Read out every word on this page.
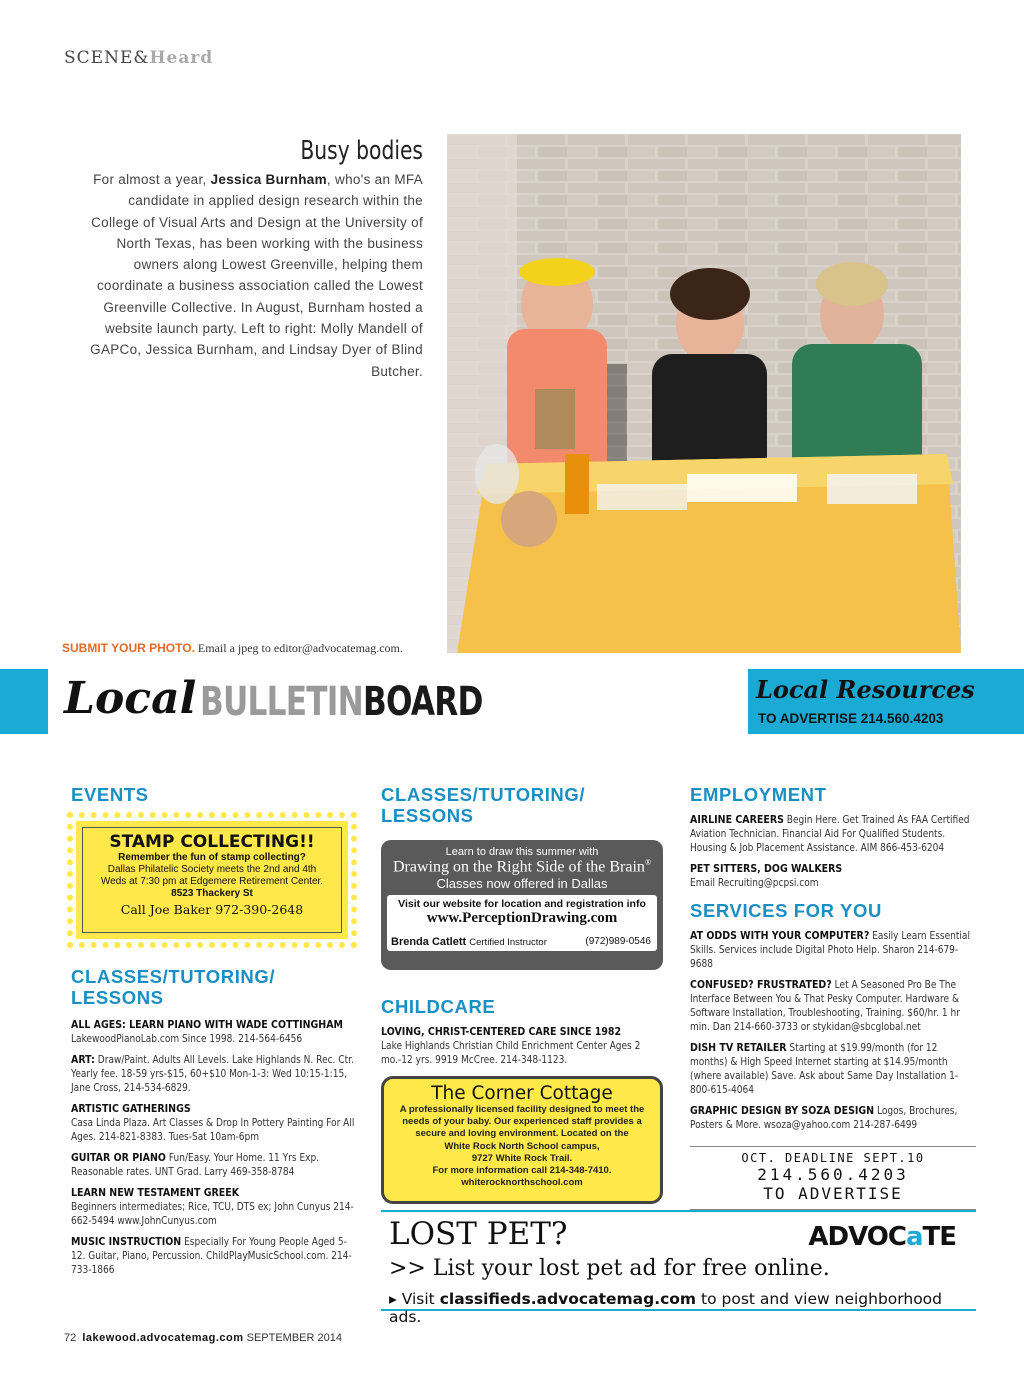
SCENE&Heard
Busy bodies
For almost a year, Jessica Burnham, who's an MFA candidate in applied design research within the College of Visual Arts and Design at the University of North Texas, has been working with the business owners along Lowest Greenville, helping them coordinate a business association called the Lowest Greenville Collective. In August, Burnham hosted a website launch party. Left to right: Molly Mandell of GAPCo, Jessica Burnham, and Lindsay Dyer of Blind Butcher.
SUBMIT YOUR PHOTO. Email a jpeg to editor@advocatemag.com.
Local BULLETINBOARD	Local Resources
TO ADVERTISE 214.560.4203
EVENTS
STAMP COLLECTING!!
Remember the fun of stamp collecting?
Dallas Philatelic Society meets the 2nd and 4th
Weds at 7:30 pm at Edgemere Retirement Center.
8523 Thackery St
Call Joe Baker 972-390-2648
CLASSES/TUTORING/
LESSONS
ALL AGES: LEARN PIANO WITH WADE COTTINGHAM
LakewoodPianoLab.com Since 1998. 214-564-6456
ART: Draw/Paint. Adults All Levels. Lake Highlands N. Rec. Ctr. Yearly fee. 18-59 yrs-$15, 60+$10 Mon-1-3: Wed 10:15-1:15, Jane Cross, 214-534-6829.
ARTISTIC GATHERINGS
Casa Linda Plaza. Art Classes & Drop In Pottery Painting For All Ages. 214-821-8383. Tues-Sat 10am-6pm
GUITAR OR PIANO Fun/Easy. Your Home. 11 Yrs Exp. Reasonable rates. UNT Grad. Larry 469-358-8784
LEARN NEW TESTAMENT GREEK
Beginners intermediates; Rice, TCU, DTS ex; John Cunyus 214-662-5494 www.JohnCunyus.com
MUSIC INSTRUCTION Especially For Young People Aged 5-12. Guitar, Piano, Percussion. ChildPlayMusicSchool.com. 214-733-1866
CLASSES/TUTORING/
LESSONS
Learn to draw this summer with
Drawing on the Right Side of the Brain®
Classes now offered in Dallas
Visit our website for location and registration info
www.PerceptionDrawing.com
Brenda Catlett Certified Instructor	(972)989-0546
CHILDCARE
LOVING, CHRIST-CENTERED CARE SINCE 1982
Lake Highlands Christian Child Enrichment Center Ages 2 mo.-12 yrs. 9919 McCree. 214-348-1123.
The Corner Cottage
A professionally licensed facility designed to meet the
needs of your baby. Our experienced staff provides a
secure and loving environment. Located on the
White Rock North School campus,
9727 White Rock Trail.
For more information call 214-348-7410.
whiterocknorthschool.com
EMPLOYMENT
AIRLINE CAREERS Begin Here. Get Trained As FAA Certified Aviation Technician. Financial Aid For Qualified Students. Housing & Job Placement Assistance. AIM 866-453-6204
PET SITTERS, DOG WALKERS
Email Recruiting@pcpsi.com
SERVICES FOR YOU
AT ODDS WITH YOUR COMPUTER? Easily Learn Essential Skills. Services include Digital Photo Help. Sharon 214-679-9688
CONFUSED? FRUSTRATED? Let A Seasoned Pro Be The Interface Between You & That Pesky Computer. Hardware & Software Installation, Troubleshooting, Training. $60/hr. 1 hr min. Dan 214-660-3733 or stykidan@sbcglobal.net
DISH TV RETAILER Starting at $19.99/month (for 12 months) & High Speed Internet starting at $14.95/month (where available) Save. Ask about Same Day Installation 1-800-615-4064
GRAPHIC DESIGN BY SOZA DESIGN Logos, Brochures, Posters & More. wsoza@yahoo.com 214-287-6499
OCT. DEADLINE SEPT.10
214.560.4203
TO ADVERTISE
LOST PET?	ADVOCaTE
>> List your lost pet ad for free online.
▸ Visit classifieds.advocatemag.com to post and view neighborhood ads.
72 lakewood.advocatemag.com SEPTEMBER 2014
